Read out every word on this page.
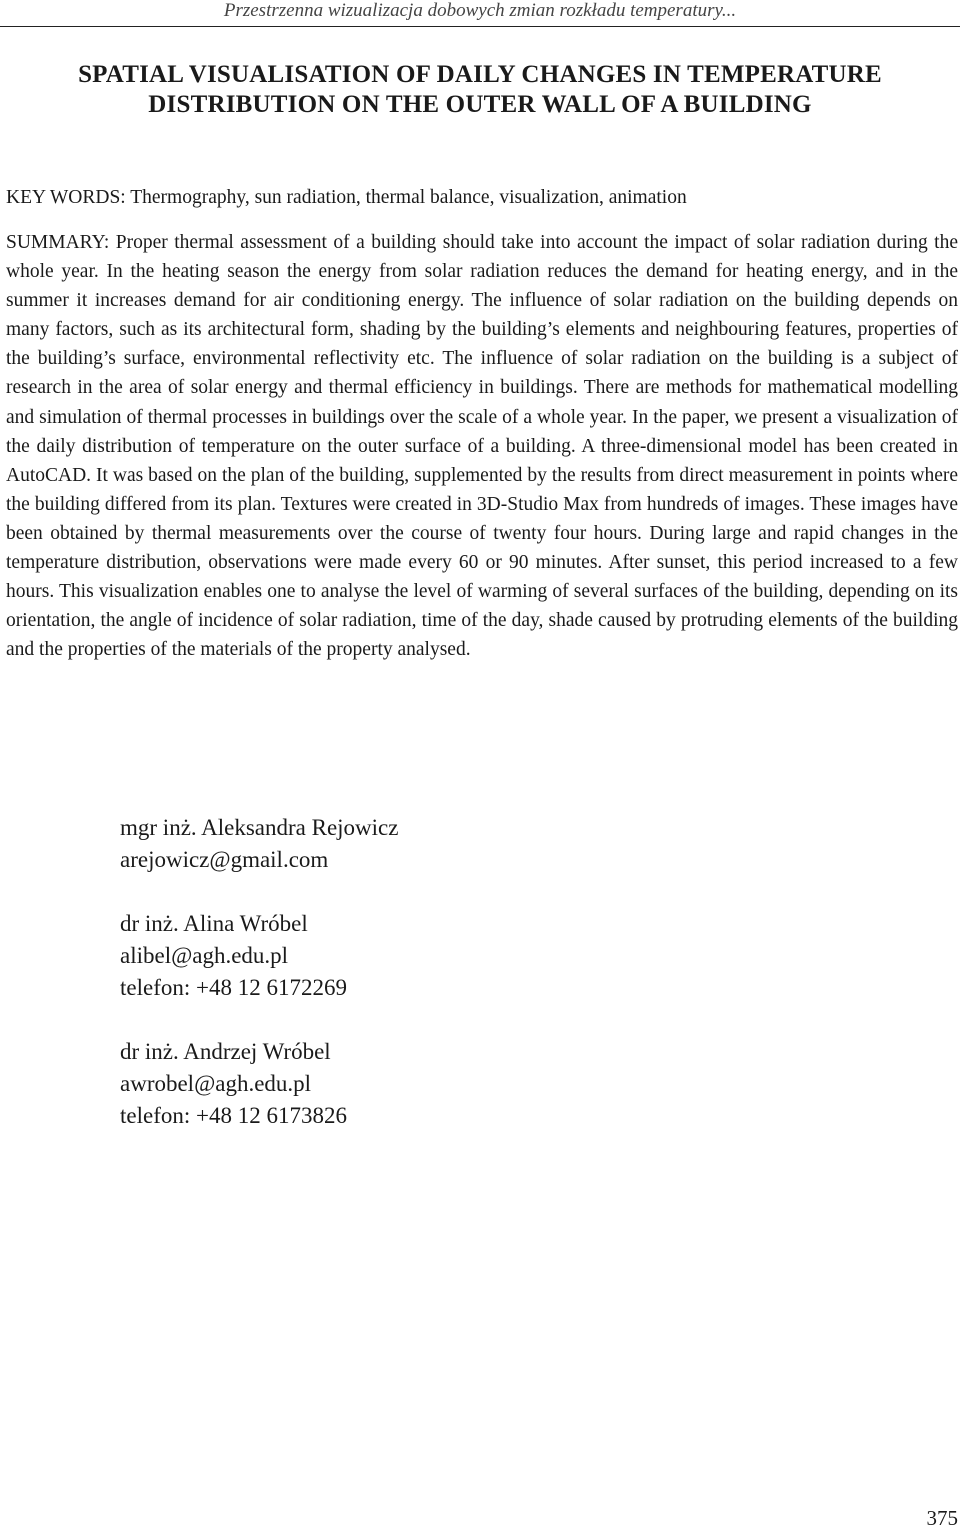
Przestrzenna wizualizacja dobowych zmian rozkładu temperatury...
SPATIAL VISUALISATION OF DAILY CHANGES IN TEMPERATURE
DISTRIBUTION ON THE OUTER WALL OF A BUILDING
KEY WORDS: Thermography, sun radiation, thermal balance, visualization, animation
SUMMARY: Proper thermal assessment of a building should take into account the impact of solar radiation during the whole year. In the heating season the energy from solar radiation reduces the demand for heating energy, and in the summer it increases demand for air conditioning energy. The influence of solar radiation on the building depends on many factors, such as its architectural form, shading by the building’s elements and neighbouring features, properties of the building’s surface, environmental reflectivity etc. The influence of solar radiation on the building is a subject of research in the area of solar energy and thermal efficiency in buildings. There are methods for mathematical modelling and simulation of thermal processes in buildings over the scale of a whole year. In the paper, we present a visualization of the daily distribution of temperature on the outer surface of a building. A three-dimensional model has been created in AutoCAD. It was based on the plan of the building, supplemented by the results from direct measurement in points where the building differed from its plan. Textures were created in 3D-Studio Max from hundreds of images. These images have been obtained by thermal measurements over the course of twenty four hours. During large and rapid changes in the temperature distribution, observations were made every 60 or 90 minutes. After sunset, this period increased to a few hours. This visualization enables one to analyse the level of warming of several surfaces of the building, depending on its orientation, the angle of incidence of solar radiation, time of the day, shade caused by protruding elements of the building and the properties of the materials of the property analysed.
mgr inż. Aleksandra Rejowicz
arejowicz@gmail.com
dr inż. Alina Wróbel
alibel@agh.edu.pl
telefon: +48 12 6172269
dr inż. Andrzej Wróbel
awrobel@agh.edu.pl
telefon: +48 12 6173826
375
